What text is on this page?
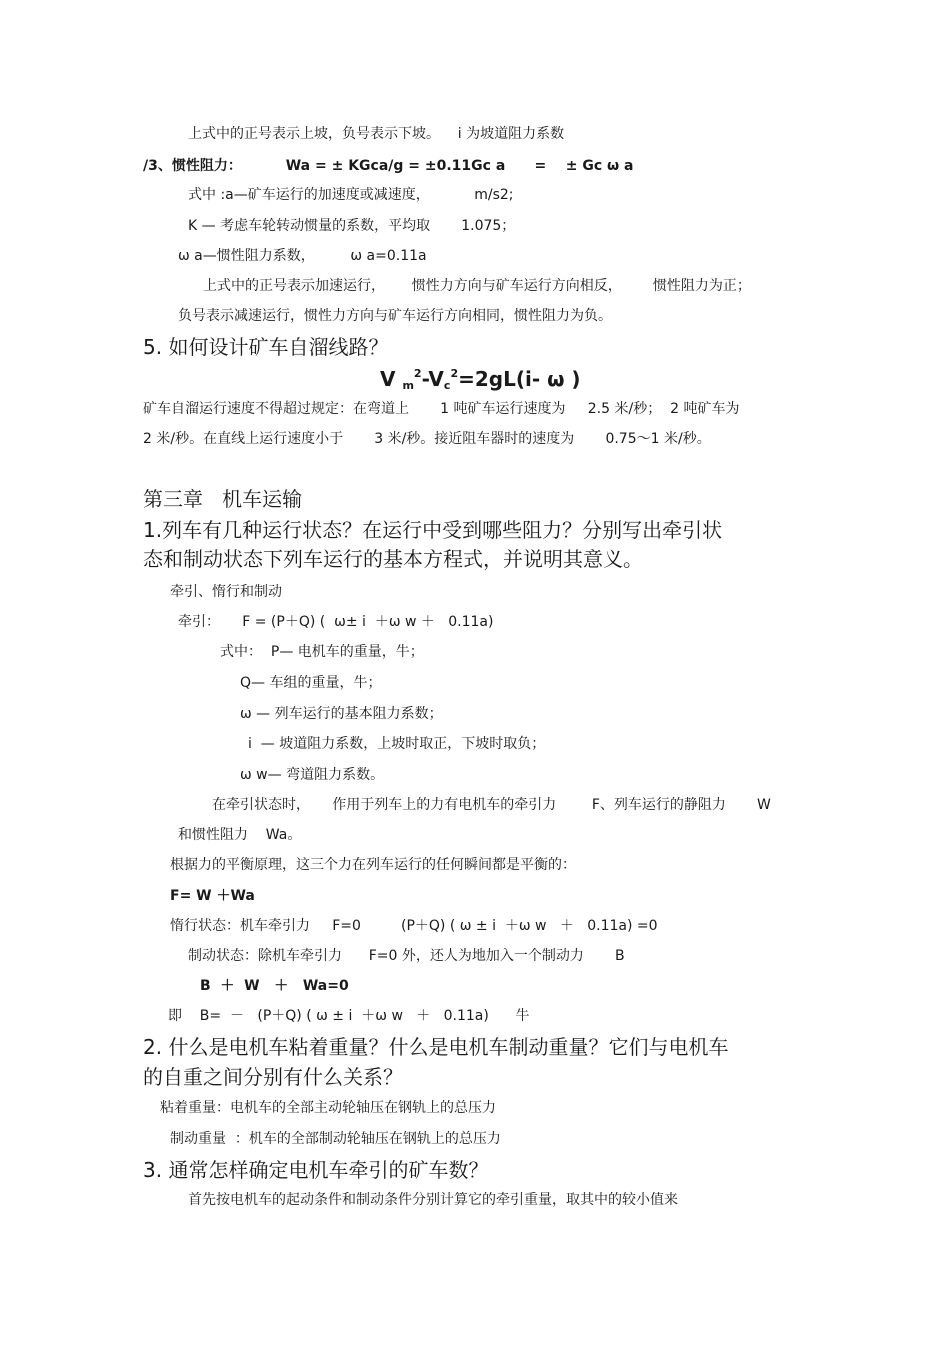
上式中的正号表示上坡，负号表示下坡。    i 为坡道阻力系数
/3、惯性阻力：         Wa = ± KGca/g = ±0.11Gc a      =    ± Gc ω a
式中 :a—矿车运行的加速度或减速度，          m/s2;
K — 考虑车轮转动惯量的系数，平均取       1.075；
ω a—惯性阻力系数，        ω a=0.11a
上式中的正号表示加速运行，      惯性力方向与矿车运行方向相反，       惯性阻力为正；
负号表示减速运行，惯性力方向与矿车运行方向相同，惯性阻力为负。
5. 如何设计矿车自溜线路？
V $_m^2-V_c^2=2gL(i-$ ω )
矿车自溜运行速度不得超过规定：在弯道上       1 吨矿车运行速度为     2.5 米/秒；  2 吨矿车为
2 米/秒。在直线上运行速度小于       3 米/秒。接近阻车器时的速度为       0.75～1 米/秒。
第三章   机车运输
1.列车有几种运行状态？在运行中受到哪些阻力？分别写出牵引状
态和制动状态下列车运行的基本方程式，并说明其意义。
牵引、惰行和制动
牵引：     F = (P＋Q) (  ω± i  ＋ω w ＋   0.11a)
式中：  P— 电机车的重量，牛；
Q— 车组的重量，牛；
ω — 列车运行的基本阻力系数；
i  — 坡道阻力系数，上坡时取正，下坡时取负；
ω w— 弯道阻力系数。
在牵引状态时，     作用于列车上的力有电机车的牵引力        F、列车运行的静阻力       W
和惯性阻力    Wa。
根据力的平衡原理，这三个力在列车运行的任何瞬间都是平衡的：
F= W ＋Wa
惰行状态：机车牵引力     F=0         (P＋Q) ( ω ± i  ＋ω w   ＋   0.11a) =0
制动状态：除机车牵引力      F=0 外，还人为地加入一个制动力       B
B  ＋  W   ＋   Wa=0
即    B=  －   (P＋Q) ( ω ± i  ＋ω w   ＋   0.11a)      牛
2. 什么是电机车粘着重量？什么是电机车制动重量？它们与电机车
的自重之间分别有什么关系？
粘着重量：电机车的全部主动轮轴压在钢轨上的总压力
制动重量  ：机车的全部制动轮轴压在钢轨上的总压力
3. 通常怎样确定电机车牵引的矿车数？
首先按电机车的起动条件和制动条件分别计算它的牵引重量，取其中的较小值来
